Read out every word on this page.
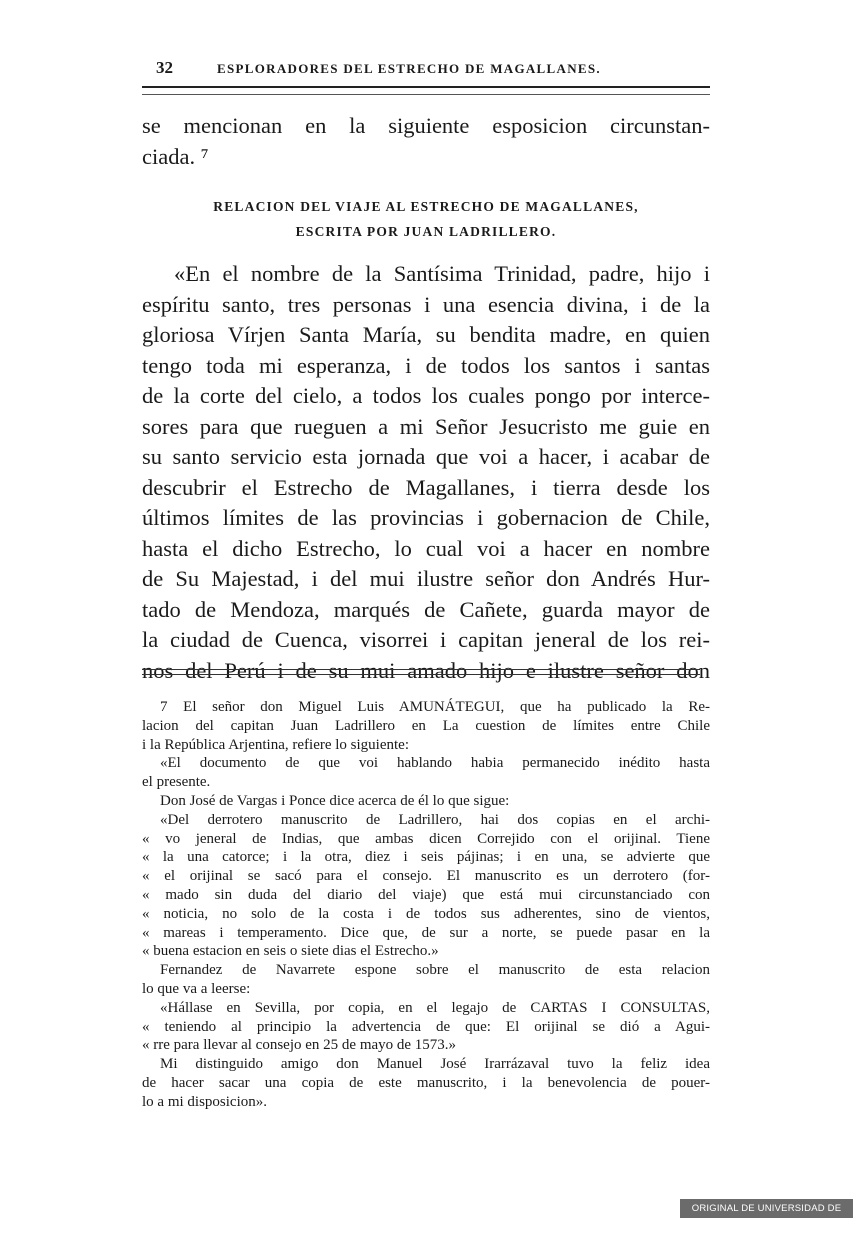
32	ESPLORADORES DEL ESTRECHO DE MAGALLANES.
se mencionan en la siguiente esposicion circunstan-
ciada. ⁷
RELACION DEL VIAJE AL ESTRECHO DE MAGALLANES,
ESCRITA POR JUAN LADRILLERO.
«En el nombre de la Santísima Trinidad, padre, hijo i
espíritu santo, tres personas i una esencia divina, i de la
gloriosa Vírjen Santa María, su bendita madre, en quien
tengo toda mi esperanza, i de todos los santos i santas
de la corte del cielo, a todos los cuales pongo por interce-
sores para que rueguen a mi Señor Jesucristo me guie en
su santo servicio esta jornada que voi a hacer, i acabar de
descubrir el Estrecho de Magallanes, i tierra desde los
últimos límites de las provincias i gobernacion de Chile,
hasta el dicho Estrecho, lo cual voi a hacer en nombre
de Su Majestad, i del mui ilustre señor don Andrés Hur-
tado de Mendoza, marqués de Cañete, guarda mayor de
la ciudad de Cuenca, visorrei i capitan jeneral de los rei-
nos del Perú i de su mui amado hijo e ilustre señor don
7 El señor don Miguel Luis AMUNÁTEGUI, que ha publicado la Re-
lacion del capitan Juan Ladrillero en La cuestion de límites entre Chile
i la República Arjentina, refiere lo siguiente:
«El documento de que voi hablando habia permanecido inédito hasta
el presente.
Don José de Vargas i Ponce dice acerca de él lo que sigue:
«Del derrotero manuscrito de Ladrillero, hai dos copias en el archi-
« vo jeneral de Indias, que ambas dicen Correjido con el orijinal. Tiene
« la una catorce; i la otra, diez i seis pájinas; i en una, se advierte que
« el orijinal se sacó para el consejo. El manuscrito es un derrotero (for-
« mado sin duda del diario del viaje) que está mui circunstanciado con
« noticia, no solo de la costa i de todos sus adherentes, sino de vientos,
« mareas i temperamento. Dice que, de sur a norte, se puede pasar en la
« buena estacion en seis o siete dias el Estrecho.»
Fernandez de Navarrete espone sobre el manuscrito de esta relacion
lo que va a leerse:
«Hállase en Sevilla, por copia, en el legajo de CARTAS I CONSULTAS,
« teniendo al principio la advertencia de que: El orijinal se dió a Agui-
« rre para llevar al consejo en 25 de mayo de 1573.»
Mi distinguido amigo don Manuel José Irarrázaval tuvo la feliz idea
de hacer sacar una copia de este manuscrito, i la benevolencia de pouer-
lo a mi disposicion».
ORIGINAL DE UNIVERSIDAD DE CHILE
